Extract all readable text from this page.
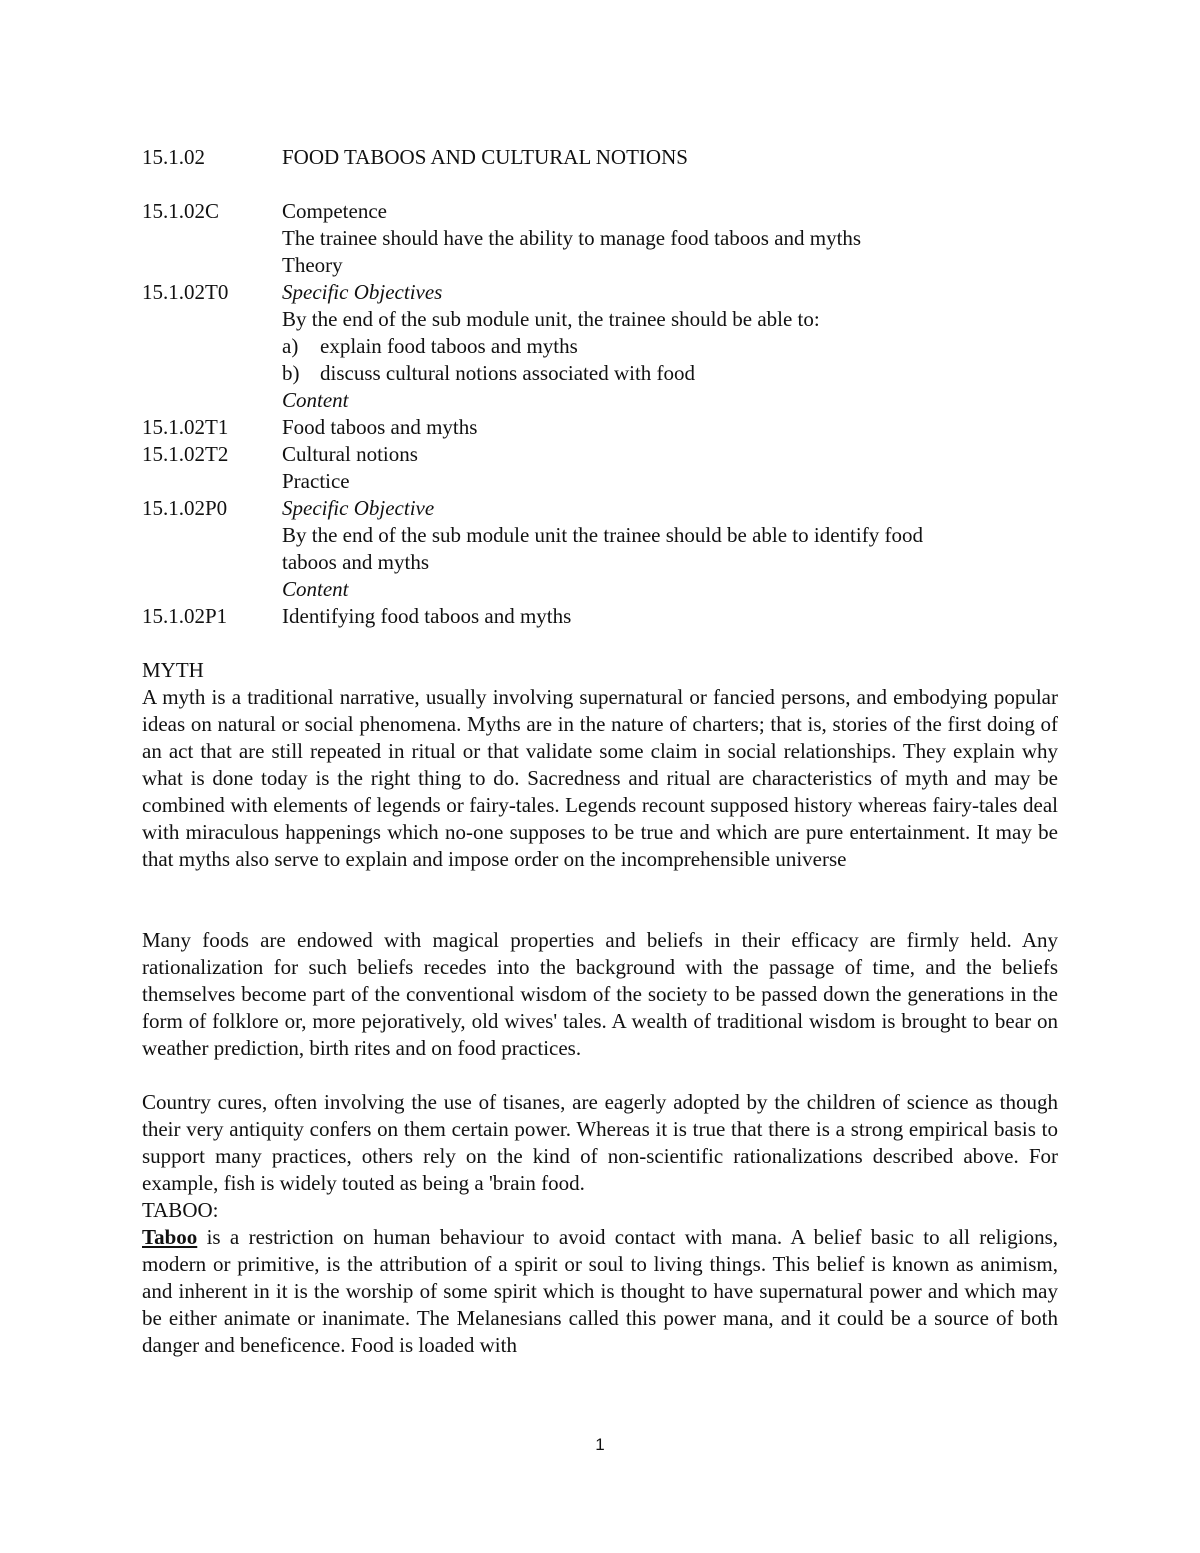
15.1.02	FOOD TABOOS AND CULTURAL NOTIONS
15.1.02C	Competence
The trainee should have the ability to manage food taboos and myths
Theory
15.1.02T0	Specific Objectives
By the end of the sub module unit, the trainee should be able to:
a) explain food taboos and myths
b) discuss cultural notions associated with food
Content
15.1.02T1	Food taboos and myths
15.1.02T2	Cultural notions
Practice
15.1.02P0	Specific Objective
By the end of the sub module unit the trainee should be able to identify food
taboos and myths
Content
15.1.02P1	Identifying food taboos and myths
MYTH

A myth is a traditional narrative, usually involving supernatural or fancied persons, and embodying popular ideas on natural or social phenomena. Myths are in the nature of charters; that is, stories of the first doing of an act that are still repeated in ritual or that validate some claim in social relationships. They explain why what is done today is the right thing to do. Sacredness and ritual are characteristics of myth and may be combined with elements of legends or fairy-tales. Legends recount supposed history whereas fairy-tales deal with miraculous happenings which no-one supposes to be true and which are pure entertainment. It may be that myths also serve to explain and impose order on the incomprehensible universe

Many foods are endowed with magical properties and beliefs in their efficacy are firmly held. Any rationalization for such beliefs recedes into the background with the passage of time, and the beliefs themselves become part of the conventional wisdom of the society to be passed down the generations in the form of folklore or, more pejoratively, old wives' tales. A wealth of traditional wisdom is brought to bear on weather prediction, birth rites and on food practices.

Country cures, often involving the use of tisanes, are eagerly adopted by the children of science as though their very antiquity confers on them certain power. Whereas it is true that there is a strong empirical basis to support many practices, others rely on the kind of non-scientific rationalizations described above. For example, fish is widely touted as being a 'brain food.

TABOO:

Taboo is a restriction on human behaviour to avoid contact with mana. A belief basic to all religions, modern or primitive, is the attribution of a spirit or soul to living things. This belief is known as animism, and inherent in it is the worship of some spirit which is thought to have supernatural power and which may be either animate or inanimate. The Melanesians called this power mana, and it could be a source of both danger and beneficence. Food is loaded with

1
